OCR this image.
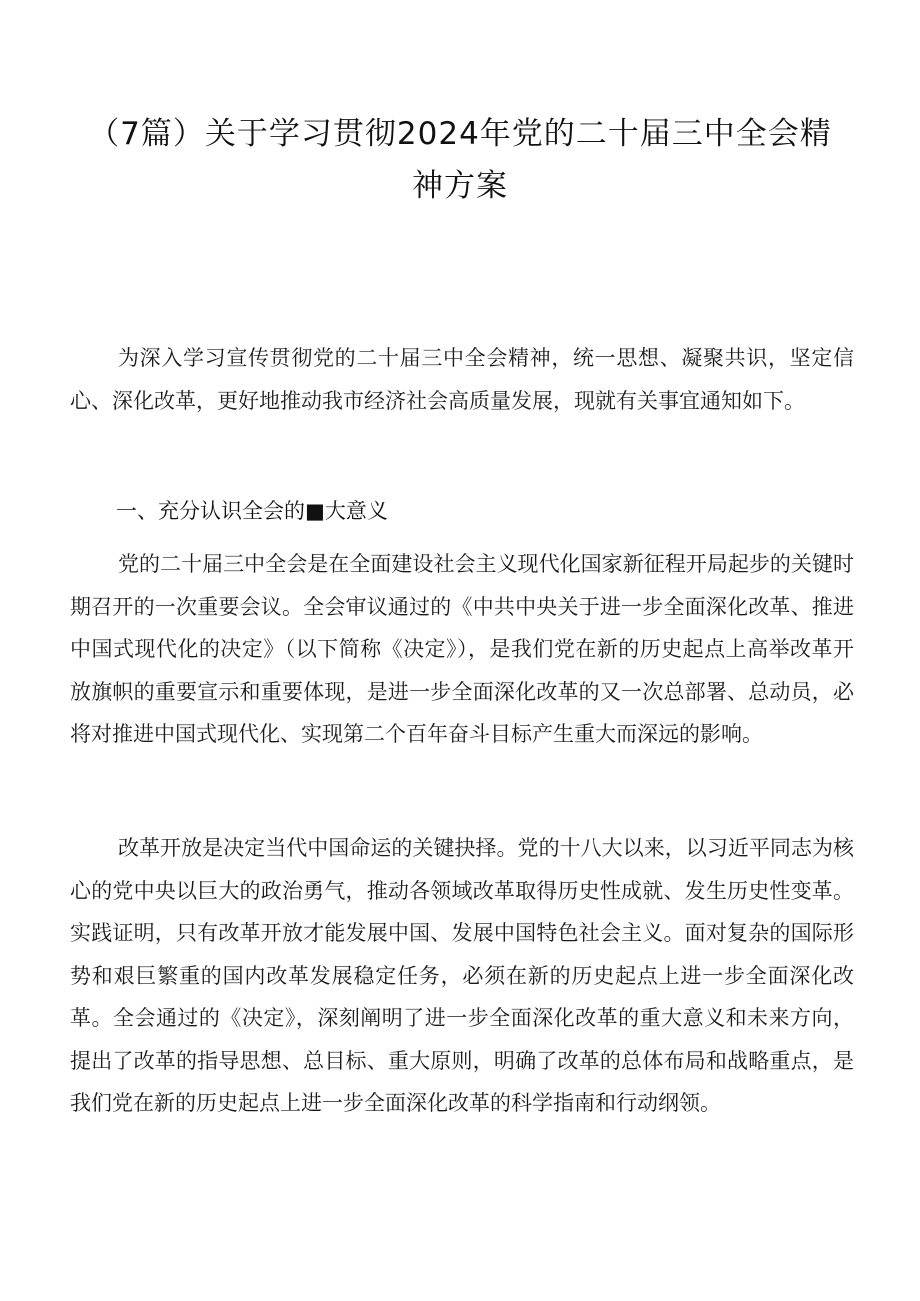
（7篇）关于学习贯彻2024年党的二十届三中全会精
神方案

为深入学习宣传贯彻党的二十届三中全会精神，统一思想、凝聚共识，坚定信心、深化改革，更好地推动我市经济社会高质量发展，现就有关事宜通知如下。

一、充分认识全会的■大意义

党的二十届三中全会是在全面建设社会主义现代化国家新征程开局起步的关键时期召开的一次重要会议。全会审议通过的《中共中央关于进一步全面深化改革、推进中国式现代化的决定》（以下简称《决定》），是我们党在新的历史起点上高举改革开放旗帜的重要宣示和重要体现，是进一步全面深化改革的又一次总部署、总动员，必将对推进中国式现代化、实现第二个百年奋斗目标产生重大而深远的影响。

改革开放是决定当代中国命运的关键抉择。党的十八大以来，以习近平同志为核心的党中央以巨大的政治勇气，推动各领域改革取得历史性成就、发生历史性变革。实践证明，只有改革开放才能发展中国、发展中国特色社会主义。面对复杂的国际形势和艰巨繁重的国内改革发展稳定任务，必须在新的历史起点上进一步全面深化改革。全会通过的《决定》，深刻阐明了进一步全面深化改革的重大意义和未来方向，提出了改革的指导思想、总目标、重大原则，明确了改革的总体布局和战略重点，是我们党在新的历史起点上进一步全面深化改革的科学指南和行动纲领。
